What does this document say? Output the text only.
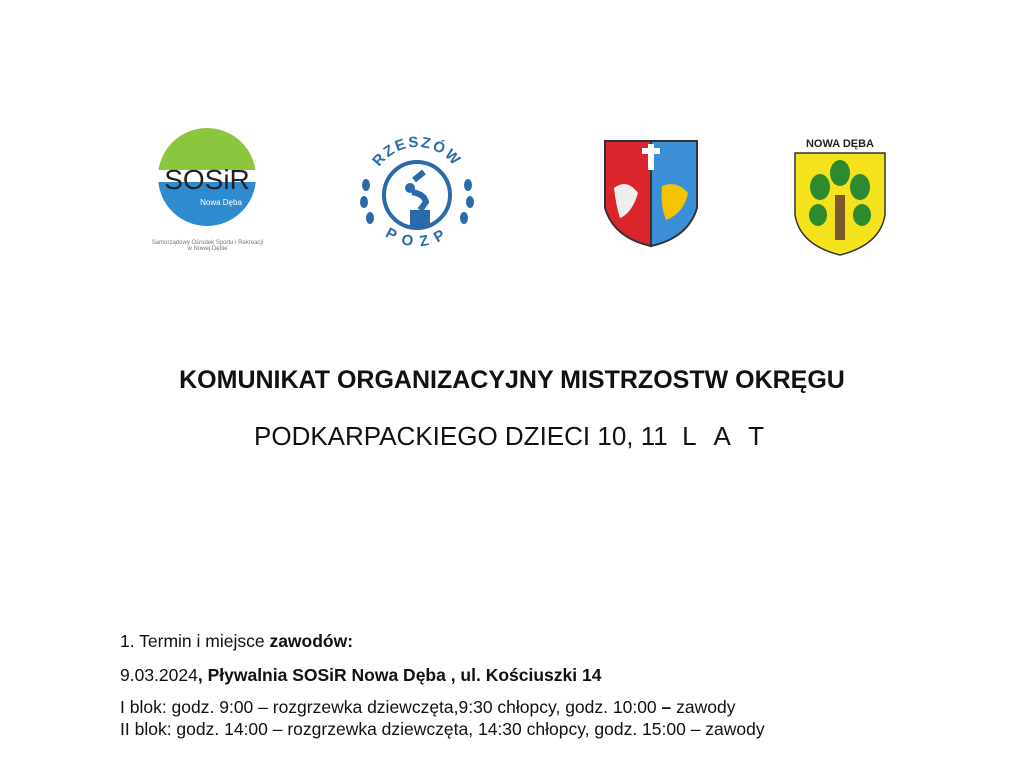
SOSiR
Nowa Dęba
Samorządowy Ośrodek Sportu i Rekreacji
w Nowej Dębie
RZESZÓW
POZP
NOWA DĘBA
KOMUNIKAT ORGANIZACYJNY MISTRZOSTW OKRĘGU
PODKARPACKIEGO DZIECI 10, 11 L A T

1. Termin i miejsce zawodów:

9.03.2024, Pływalnia SOSiR Nowa Dęba , ul. Kościuszki 14

I blok: godz. 9:00 – rozgrzewka dziewczęta,9:30 chłopcy, godz. 10:00 – zawody

II blok: godz. 14:00 – rozgrzewka dziewczęta, 14:30 chłopcy, godz. 15:00 – zawody
